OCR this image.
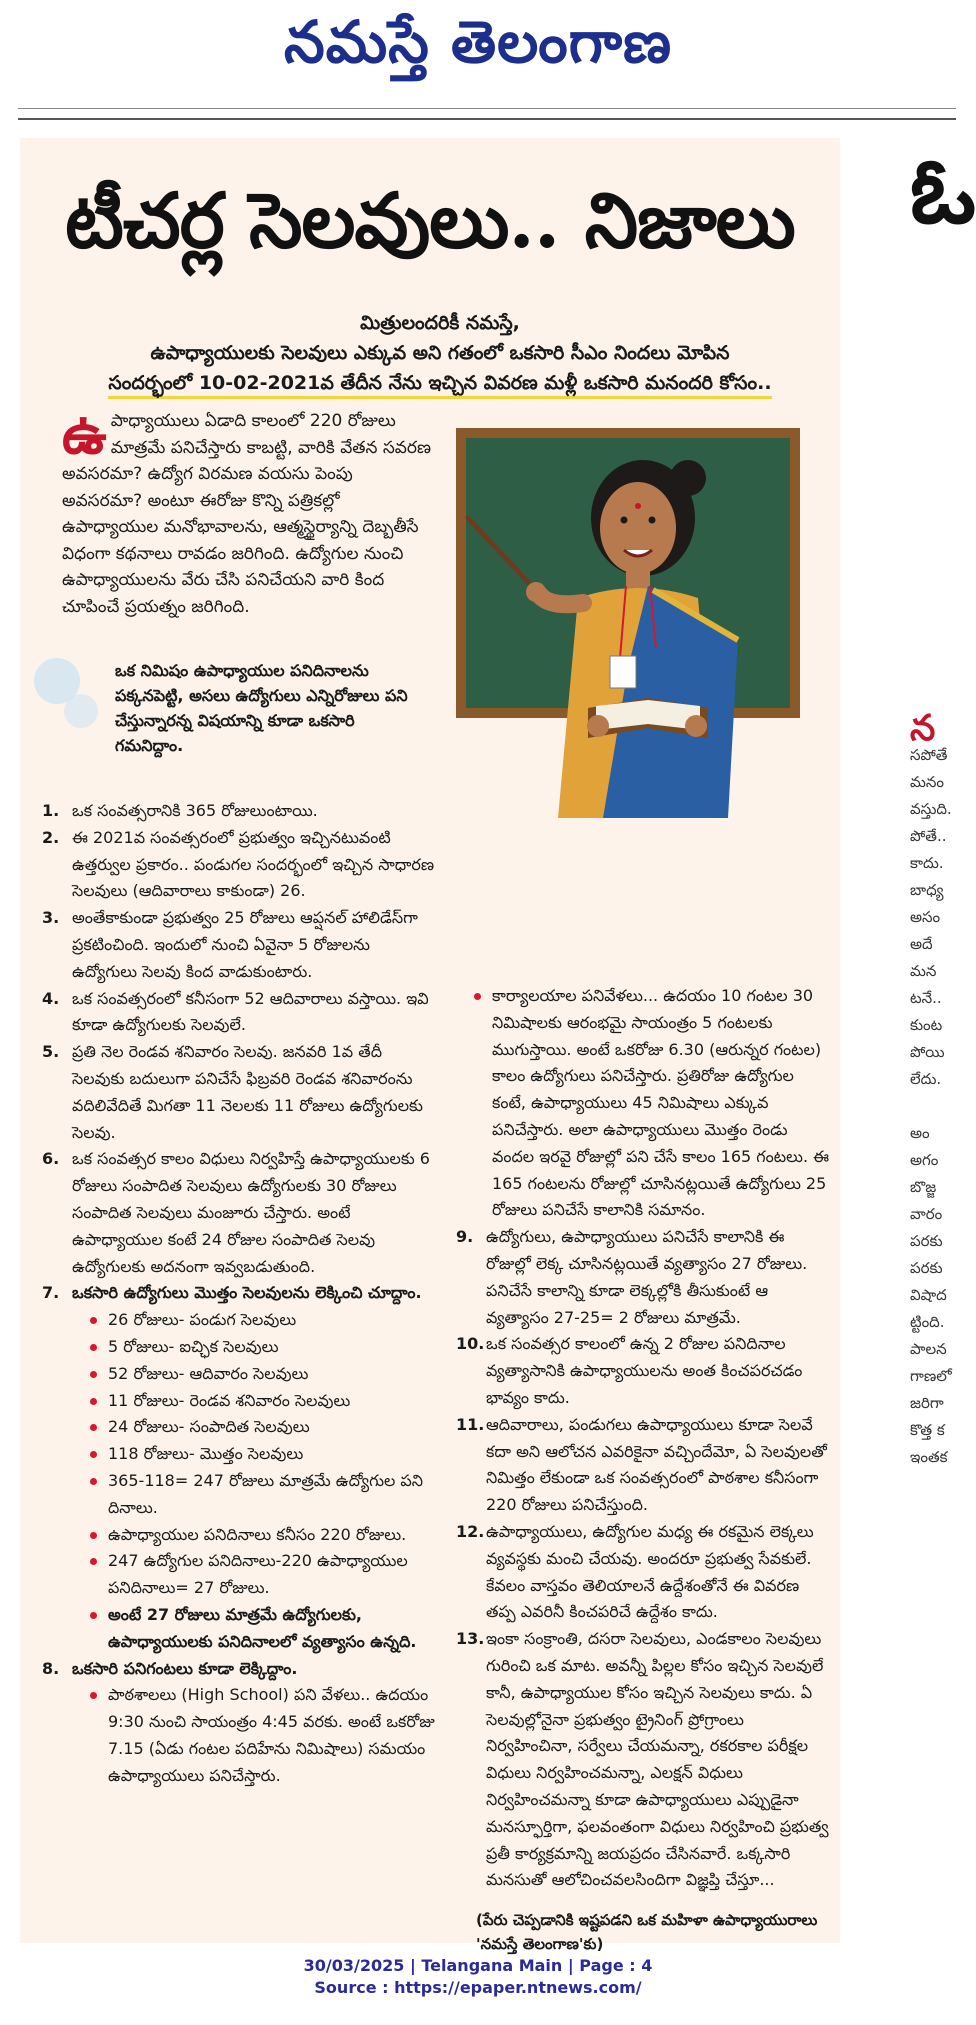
నమస్తే తెలంగాణ
టీచర్ల సెలవులు.. నిజాలు
మిత్రులందరికీ నమస్తే,
ఉపాధ్యాయులకు సెలవులు ఎక్కువ అని గతంలో ఒకసారి సీఎం నిందలు మోపిన
సందర్భంలో 10-02-2021వ తేదీన నేను ఇచ్చిన వివరణ మళ్లీ ఒకసారి మనందరి కోసం..
ఉ పాధ్యాయులు ఏడాది కాలంలో 220 రోజులు మాత్రమే పనిచేస్తారు కాబట్టి, వారికి వేతన సవరణ అవసరమా? ఉద్యోగ విరమణ వయసు పెంపు అవసరమా? అంటూ ఈరోజు కొన్ని పత్రికల్లో ఉపాధ్యాయుల మనోభావాలను, ఆత్మస్థైర్యాన్ని దెబ్బతీసే విధంగా కథనాలు రావడం జరిగింది. ఉద్యోగుల నుంచి ఉపాధ్యాయులను వేరు చేసి పనిచేయని వారి కింద చూపించే ప్రయత్నం జరిగింది.
ఒక నిమిషం ఉపాధ్యాయుల పనిదినాలను పక్కనపెట్టి, అసలు ఉద్యోగులు ఎన్నిరోజులు పని చేస్తున్నారన్న విషయాన్ని కూడా ఒకసారి గమనిద్దాం.
1. ఒక సంవత్సరానికి 365 రోజులుంటాయి.
2. ఈ 2021వ సంవత్సరంలో ప్రభుత్వం ఇచ్చినటువంటి ఉత్తర్వుల ప్రకారం.. పండుగల సందర్భంలో ఇచ్చిన సాధారణ సెలవులు (ఆదివారాలు కాకుండా) 26.
3. అంతేకాకుండా ప్రభుత్వం 25 రోజులు ఆప్షనల్ హాలిడేస్‌గా ప్రకటించింది. ఇందులో నుంచి ఏవైనా 5 రోజులను ఉద్యోగులు సెలవు కింద వాడుకుంటారు.
4. ఒక సంవత్సరంలో కనీసంగా 52 ఆదివారాలు వస్తాయి. ఇవి కూడా ఉద్యోగులకు సెలవులే.
5. ప్రతి నెల రెండవ శనివారం సెలవు. జనవరి 1వ తేదీ సెలవుకు బదులుగా పనిచేసే ఫిబ్రవరి రెండవ శనివారంను వదిలివేదితే మిగతా 11 నెలలకు 11 రోజులు ఉద్యోగులకు సెలవు.
6. ఒక సంవత్సర కాలం విధులు నిర్వహిస్తే ఉపాధ్యాయులకు 6 రోజులు సంపాదిత సెలవులు ఉద్యోగులకు 30 రోజులు సంపాదిత సెలవులు మంజూరు చేస్తారు. అంటే ఉపాధ్యాయుల కంటే 24 రోజుల సంపాదిత సెలవు ఉద్యోగులకు అదనంగా ఇవ్వబడుతుంది.
7. ఒకసారి ఉద్యోగులు మొత్తం సెలవులను లెక్కించి చూద్దాం.
26 రోజులు- పండుగ సెలవులు
5 రోజులు- ఐచ్ఛిక సెలవులు
52 రోజులు- ఆదివారం సెలవులు
11 రోజులు- రెండవ శనివారం సెలవులు
24 రోజులు- సంపాదిత సెలవులు
118 రోజులు- మొత్తం సెలవులు
365-118= 247 రోజులు మాత్రమే ఉద్యోగుల పని దినాలు.
ఉపాధ్యాయుల పనిదినాలు కనీసం 220 రోజులు.
247 ఉద్యోగుల పనిదినాలు-220 ఉపాధ్యాయుల పనిదినాలు= 27 రోజులు.
అంటే 27 రోజులు మాత్రమే ఉద్యోగులకు, ఉపాధ్యాయులకు పనిదినాలలో వ్యత్యాసం ఉన్నది.
8. ఒకసారి పనిగంటలు కూడా లెక్కిద్దాం.
పాఠశాలలు (High School) పని వేళలు.. ఉదయం 9:30 నుంచి సాయంత్రం 4:45 వరకు. అంటే ఒకరోజు 7.15 (ఏడు గంటల పదిహేను నిమిషాలు) సమయం ఉపాధ్యాయులు పనిచేస్తారు.
కార్యాలయాల పనివేళలు... ఉదయం 10 గంటల 30 నిమిషాలకు ఆరంభమై సాయంత్రం 5 గంటలకు ముగుస్తాయి. అంటే ఒకరోజు 6.30 (ఆరున్నర గంటల) కాలం ఉద్యోగులు పనిచేస్తారు. ప్రతిరోజు ఉద్యోగుల కంటే, ఉపాధ్యాయులు 45 నిమిషాలు ఎక్కువ పనిచేస్తారు. అలా ఉపాధ్యాయులు మొత్తం రెండు వందల ఇరవై రోజుల్లో పని చేసే కాలం 165 గంటలు. ఈ 165 గంటలను రోజుల్లో చూసినట్లయితే ఉద్యోగులు 25 రోజులు పనిచేసే కాలానికి సమానం.
9. ఉద్యోగులు, ఉపాధ్యాయులు పనిచేసే కాలానికి ఈ రోజుల్లో లెక్క చూసినట్లయితే వ్యత్యాసం 27 రోజులు. పనిచేసే కాలాన్ని కూడా లెక్కల్లోకి తీసుకుంటే ఆ వ్యత్యాసం 27-25= 2 రోజులు మాత్రమే.
10. ఒక సంవత్సర కాలంలో ఉన్న 2 రోజుల పనిదినాల వ్యత్యాసానికి ఉపాధ్యాయులను అంత కించపరచడం భావ్యం కాదు.
11. ఆదివారాలు, పండుగలు ఉపాధ్యాయులు కూడా సెలవే కదా అని ఆలోచన ఎవరికైనా వచ్చిందేమో, ఏ సెలవులతో నిమిత్తం లేకుండా ఒక సంవత్సరంలో పాఠశాల కనీసంగా 220 రోజులు పనిచేస్తుంది.
12. ఉపాధ్యాయులు, ఉద్యోగుల మధ్య ఈ రకమైన లెక్కలు వ్యవస్థకు మంచి చేయవు. అందరూ ప్రభుత్వ సేవకులే. కేవలం వాస్తవం తెలియాలనే ఉద్దేశంతోనే ఈ వివరణ తప్ప ఎవరినీ కించపరిచే ఉద్దేశం కాదు.
13. ఇంకా సంక్రాంతి, దసరా సెలవులు, ఎండకాలం సెలవులు గురించి ఒక మాట. అవన్నీ పిల్లల కోసం ఇచ్చిన సెలవులే కానీ, ఉపాధ్యాయుల కోసం ఇచ్చిన సెలవులు కాదు. ఏ సెలవుల్లోనైనా ప్రభుత్వం ట్రైనింగ్ ప్రోగ్రాంలు నిర్వహించినా, సర్వేలు చేయమన్నా, రకరకాల పరీక్షల విధులు నిర్వహించమన్నా, ఎలక్షన్ విధులు నిర్వహించమన్నా కూడా ఉపాధ్యాయులు ఎప్పుడైనా మనస్ఫూర్తిగా, ఫలవంతంగా విధులు నిర్వహించి ప్రభుత్వ ప్రతీ కార్యక్రమాన్ని జయప్రదం చేసినవారే. ఒక్కసారి మనసుతో ఆలోచించవలసిందిగా విజ్ఞప్తి చేస్తూ...
(పేరు చెప్పడానికి ఇష్టపడని ఒక మహిళా ఉపాధ్యాయురాలు 'నమస్తే తెలంగాణ'కు)
ఓ
న
సపోతే
మనం
వస్తుది.
పోతే..
కాదు.
బాధ్య
అసం
అదే
మన
టనే..
కుంట
పోయి
లేదు.
అం
అగం
బొజ్జ
వారం
పరకు
పరకు
విషాద
ట్టింది.
పాలన
గాణలో
జరిగా
కొత్త క
ఇంతక
30/03/2025 | Telangana Main | Page : 4
Source : https://epaper.ntnews.com/
